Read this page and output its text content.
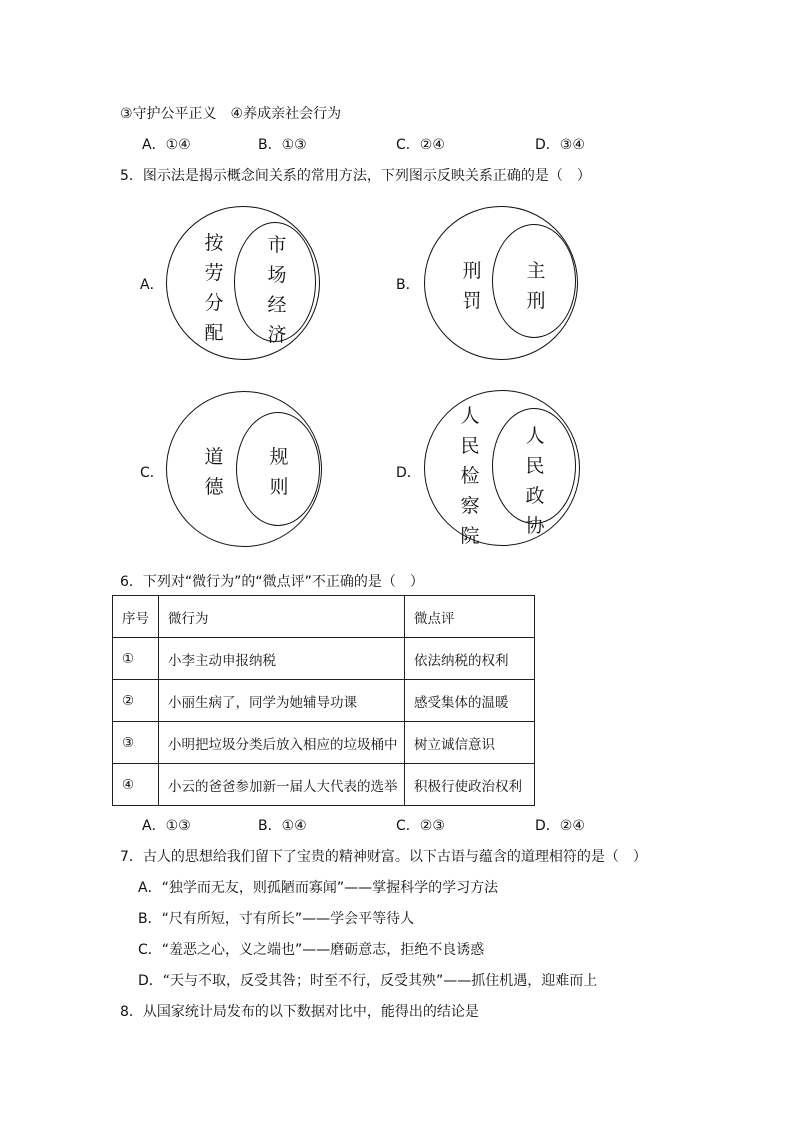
③守护公平正义　④养成亲社会行为
A．①④	B．①③	C．②④	D．③④
5．图示法是揭示概念间关系的常用方法，下列图示反映关系正确的是（　）
A．
按劳分配
市场经济
B．
刑罚
主刑
C．
道德
规则
D．
人民检察院
人民政协
6．下列对“微行为”的“微点评”不正确的是（　）
序号	微行为	微点评
①	小李主动申报纳税	依法纳税的权利
②	小丽生病了，同学为她辅导功课	感受集体的温暖
③	小明把垃圾分类后放入相应的垃圾桶中	树立诚信意识
④	小云的爸爸参加新一届人大代表的选举	积极行使政治权利
A．①③	B．①④	C．②③	D．②④
7．古人的思想给我们留下了宝贵的精神财富。以下古语与蕴含的道理相符的是（　）
A．“独学而无友，则孤陋而寡闻”——掌握科学的学习方法
B．“尺有所短，寸有所长”——学会平等待人
C．“羞恶之心，义之端也”——磨砺意志，拒绝不良诱惑
D．“天与不取，反受其咎；时至不行，反受其殃”——抓住机遇，迎难而上
8．从国家统计局发布的以下数据对比中，能得出的结论是
